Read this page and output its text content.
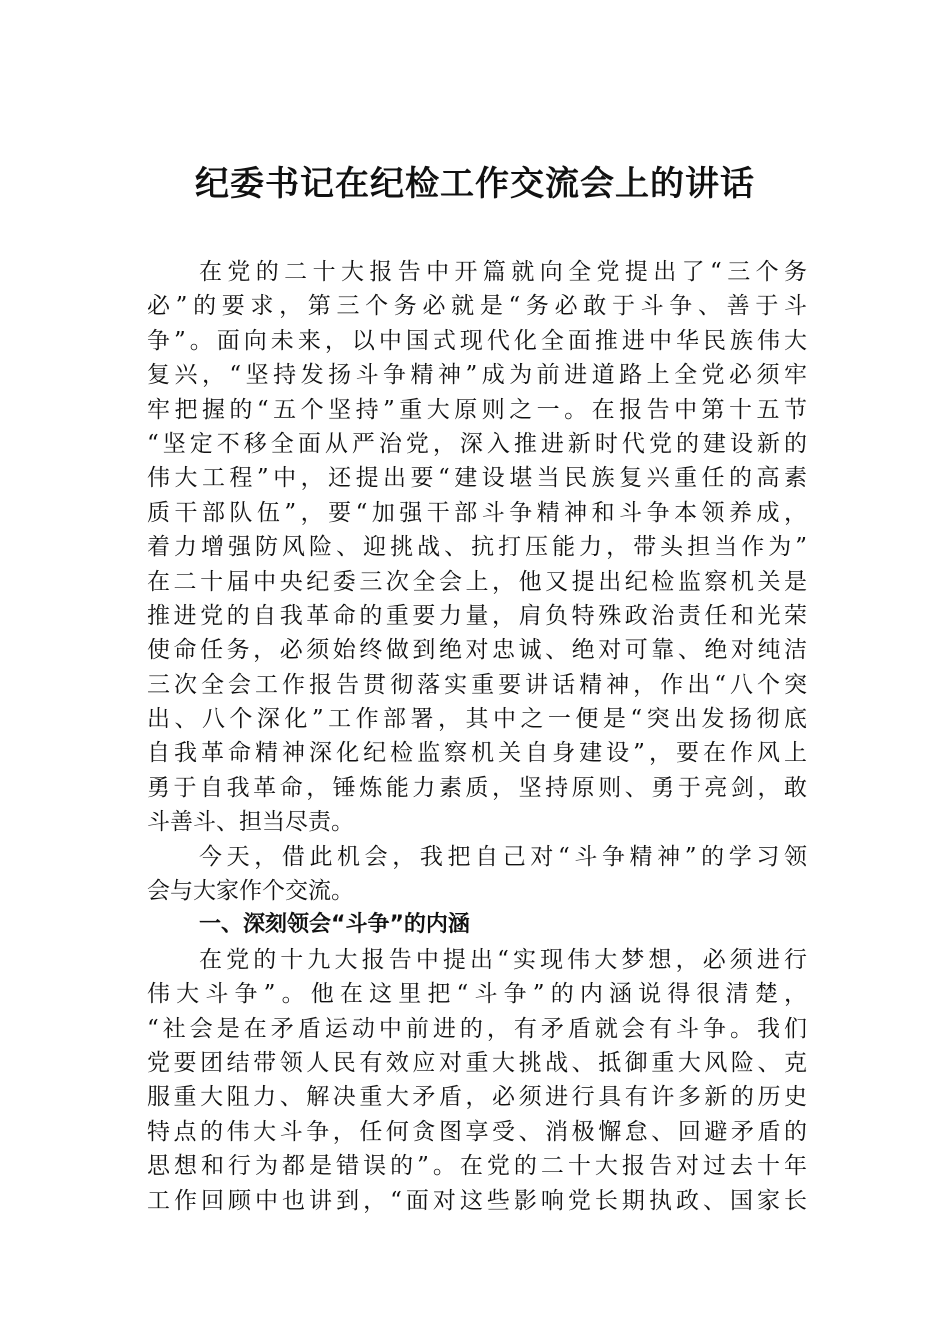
纪委书记在纪检工作交流会上的讲话
在党的二十大报告中开篇就向全党提出了“三个务
必”的要求，第三个务必就是“务必敢于斗争、善于斗
争”。面向未来，以中国式现代化全面推进中华民族伟大
复兴，“坚持发扬斗争精神”成为前进道路上全党必须牢
牢把握的“五个坚持”重大原则之一。在报告中第十五节
“坚定不移全面从严治党，深入推进新时代党的建设新的
伟大工程”中，还提出要“建设堪当民族复兴重任的高素
质干部队伍”，要“加强干部斗争精神和斗争本领养成，
着力增强防风险、迎挑战、抗打压能力，带头担当作为”
在二十届中央纪委三次全会上，他又提出纪检监察机关是
推进党的自我革命的重要力量，肩负特殊政治责任和光荣
使命任务，必须始终做到绝对忠诚、绝对可靠、绝对纯洁
三次全会工作报告贯彻落实重要讲话精神，作出“八个突
出、八个深化”工作部署，其中之一便是“突出发扬彻底
自我革命精神深化纪检监察机关自身建设”，要在作风上
勇于自我革命，锤炼能力素质，坚持原则、勇于亮剑，敢
斗善斗、担当尽责。
今天，借此机会，我把自己对“斗争精神”的学习领
会与大家作个交流。
一、深刻领会“斗争”的内涵
在党的十九大报告中提出“实现伟大梦想，必须进行
伟大斗争”。他在这里把“斗争”的内涵说得很清楚，
“社会是在矛盾运动中前进的，有矛盾就会有斗争。我们
党要团结带领人民有效应对重大挑战、抵御重大风险、克
服重大阻力、解决重大矛盾，必须进行具有许多新的历史
特点的伟大斗争，任何贪图享受、消极懈怠、回避矛盾的
思想和行为都是错误的”。在党的二十大报告对过去十年
工作回顾中也讲到，“面对这些影响党长期执政、国家长
